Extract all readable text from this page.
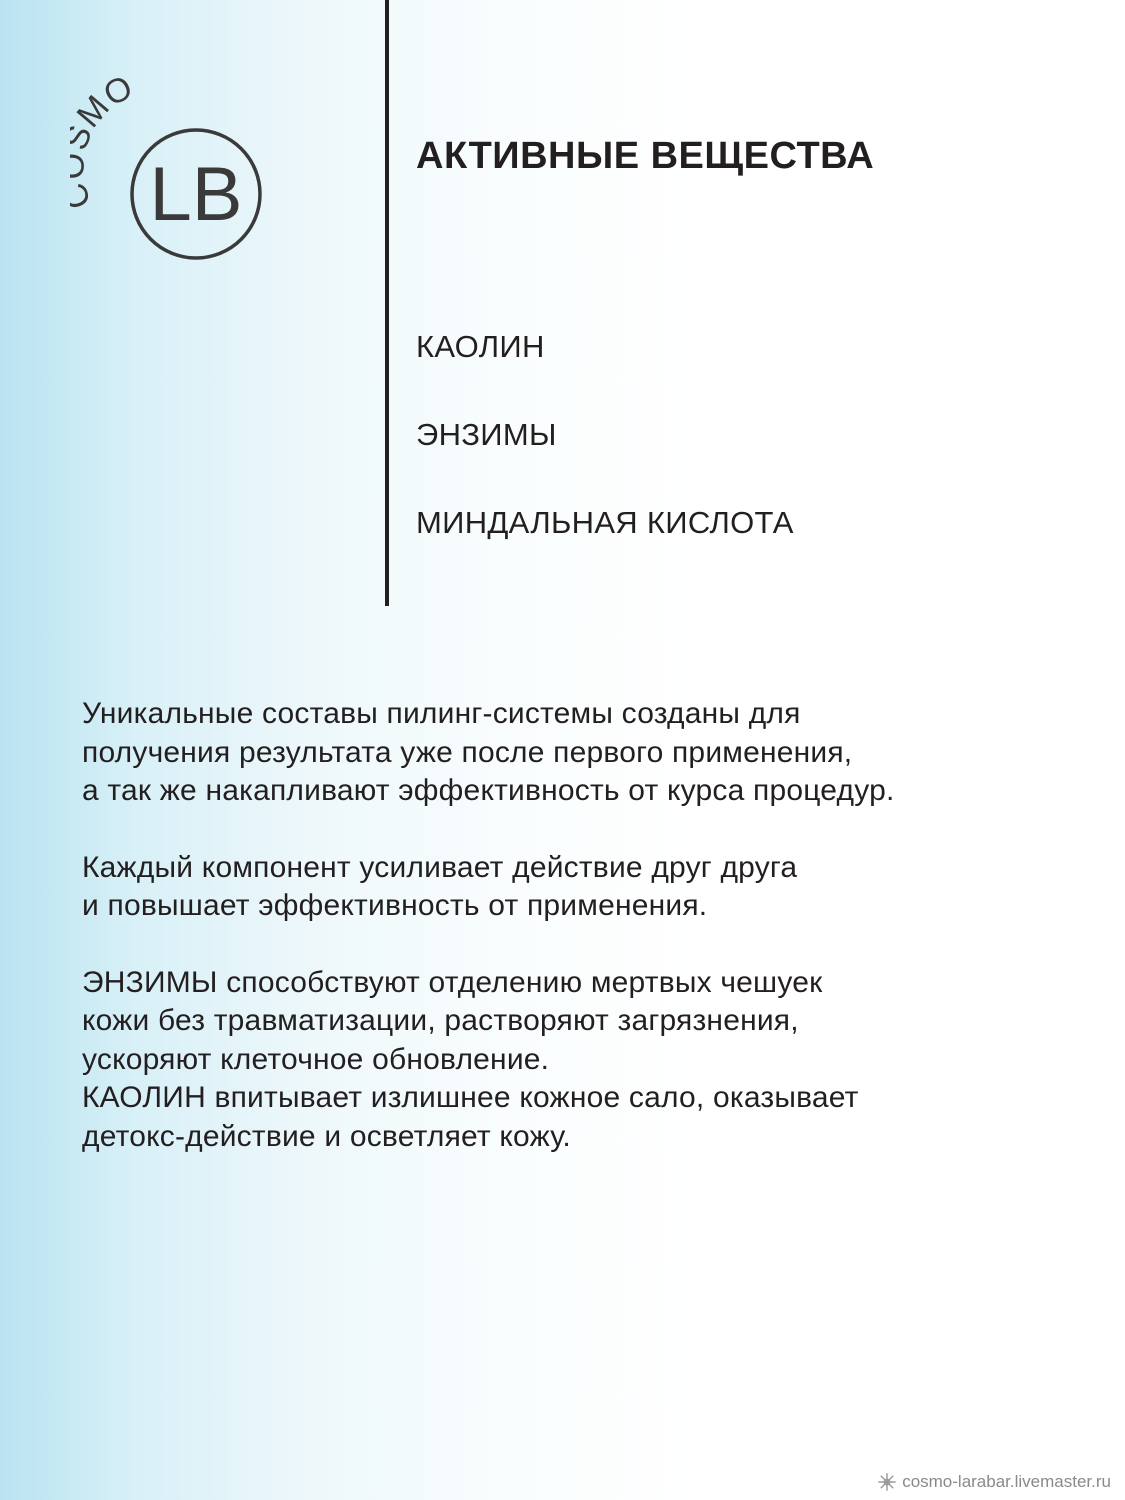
MO
LB	АКТИВНЫЕ ВЕЩЕСТВА
КАОЛИН
ЭНЗИМЫ
МИНДАЛЬНАЯ КИСЛОТА

Уникальные составы пилинг-системы созданы для

получения результата уже после первого применения,

а так же накапливают эффективность от курса процедур.

Каждый компонент усиливает действие друг друга

и повышает эффективность от применения.

ЭНЗИМЫ способствуют отделению мертвых чешуек

кожи без травматизации, растворяют загрязнения,

ускоряют клеточное обновление.

КАОЛИН впитывает излишнее кожное сало, оказывает

детокс-действие и осветляет кожу.

cosmo-larabar.livemaster.ru
